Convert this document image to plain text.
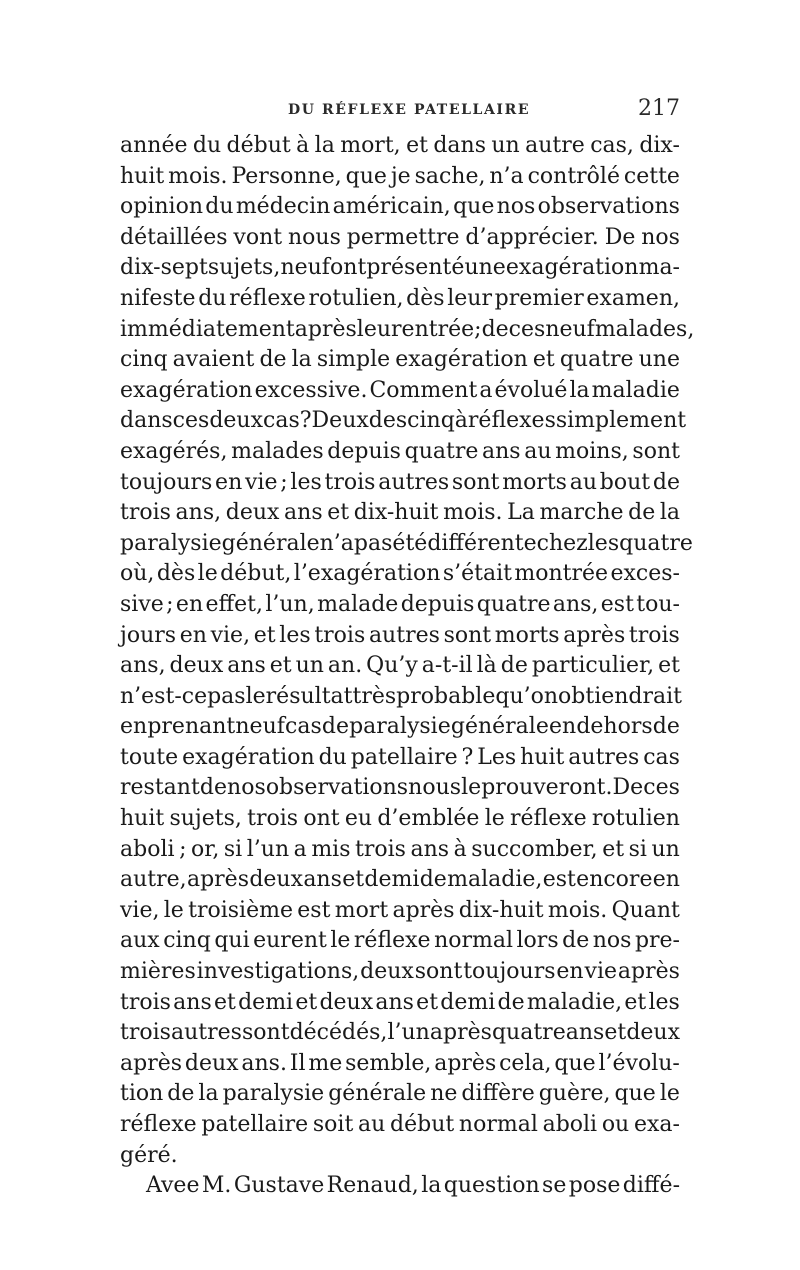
DU RÉFLEXE PATELLAIRE	217
année du début à la mort, et dans un autre cas, dix-
huit mois. Personne, que je sache, n’a contrôlé cette
opinion du médecin américain, que nos observations
détaillées vont nous permettre d’apprécier. De nos
dix-sept sujets, neuf ont présenté une exagération ma-
nifeste du réflexe rotulien, dès leur premier examen,
immédiatement après leur entrée ; de ces neuf malades,
cinq avaient de la simple exagération et quatre une
exagération excessive. Comment a évolué la maladie
dans ces deux cas ? Deux des cinq à réflexes simplement
exagérés, malades depuis quatre ans au moins, sont
toujours en vie ; les trois autres sont morts au bout de
trois ans, deux ans et dix-huit mois. La marche de la
paralysie générale n’a pas été différente chez les quatre
où, dès le début, l’exagération s’était montrée exces-
sive ; en effet, l’un, malade depuis quatre ans, est tou-
jours en vie, et les trois autres sont morts après trois
ans, deux ans et un an. Qu’y a-t-il là de particulier, et
n’est-ce pas le résultat très probable qu’on obtiendrait
en prenant neuf cas de paralysie générale en dehors de
toute exagération du patellaire ? Les huit autres cas
restant de nos observations nous le prouveront. De ces
huit sujets, trois ont eu d’emblée le réflexe rotulien
aboli ; or, si l’un a mis trois ans à succomber, et si un
autre, après deux ans et demi de maladie, est encore en
vie, le troisième est mort après dix-huit mois. Quant
aux cinq qui eurent le réflexe normal lors de nos pre-
mières investigations, deux sont toujours en vie après
trois ans et demi et deux ans et demi de maladie, et les
trois autres sont décédés, l’un après quatre ans et deux
après deux ans. Il me semble, après cela, que l’évolu-
tion de la paralysie générale ne diffère guère, que le
réflexe patellaire soit au début normal aboli ou exa-
géré.
Avee M. Gustave Renaud, la question se pose diffé-
